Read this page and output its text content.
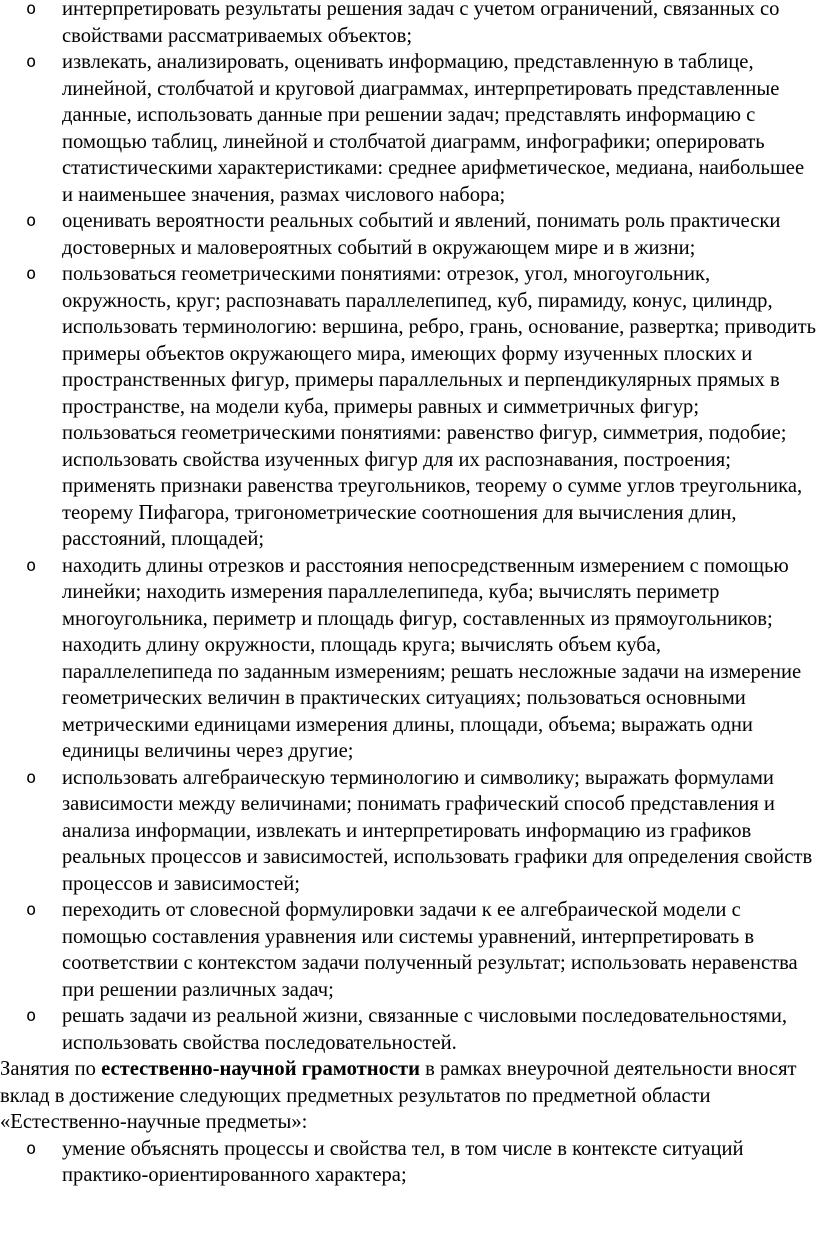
o интерпретировать результаты решения задач с учетом ограничений, связанных со свойствами рассматриваемых объектов;
o извлекать, анализировать, оценивать информацию, представленную в таблице, линейной, столбчатой и круговой диаграммах, интерпретировать представленные данные, использовать данные при решении задач; представлять информацию с помощью таблиц, линейной и столбчатой диаграмм, инфографики; оперировать статистическими характеристиками: среднее арифметическое, медиана, наибольшее и наименьшее значения, размах числового набора;
o оценивать вероятности реальных событий и явлений, понимать роль практически достоверных и маловероятных событий в окружающем мире и в жизни;
o пользоваться геометрическими понятиями: отрезок, угол, многоугольник, окружность, круг; распознавать параллелепипед, куб, пирамиду, конус, цилиндр, использовать терминологию: вершина, ребро, грань, основание, развертка; приводить примеры объектов окружающего мира, имеющих форму изученных плоских и пространственных фигур, примеры параллельных и перпендикулярных прямых в пространстве, на модели куба, примеры равных и симметричных фигур; пользоваться геометрическими понятиями: равенство фигур, симметрия, подобие; использовать свойства изученных фигур для их распознавания, построения; применять признаки равенства треугольников, теорему о сумме углов треугольника, теорему Пифагора, тригонометрические соотношения для вычисления длин, расстояний, площадей;
o находить длины отрезков и расстояния непосредственным измерением с помощью линейки; находить измерения параллелепипеда, куба; вычислять периметр многоугольника, периметр и площадь фигур, составленных из прямоугольников; находить длину окружности, площадь круга; вычислять объем куба, параллелепипеда по заданным измерениям; решать несложные задачи на измерение геометрических величин в практических ситуациях; пользоваться основными метрическими единицами измерения длины, площади, объема; выражать одни единицы величины через другие;
o использовать алгебраическую терминологию и символику; выражать формулами зависимости между величинами; понимать графический способ представления и анализа информации, извлекать и интерпретировать информацию из графиков реальных процессов и зависимостей, использовать графики для определения свойств процессов и зависимостей;
o переходить от словесной формулировки задачи к ее алгебраической модели с помощью составления уравнения или системы уравнений, интерпретировать в соответствии с контекстом задачи полученный результат; использовать неравенства при решении различных задач;
o решать задачи из реальной жизни, связанные с числовыми последовательностями, использовать свойства последовательностей.

Занятия по естественно-научной грамотности в рамках внеурочной деятельности вносят вклад в достижение следующих предметных результатов по предметной области «Естественно-научные предметы»:

o умение объяснять процессы и свойства тел, в том числе в контексте ситуаций практико-ориентированного характера;
